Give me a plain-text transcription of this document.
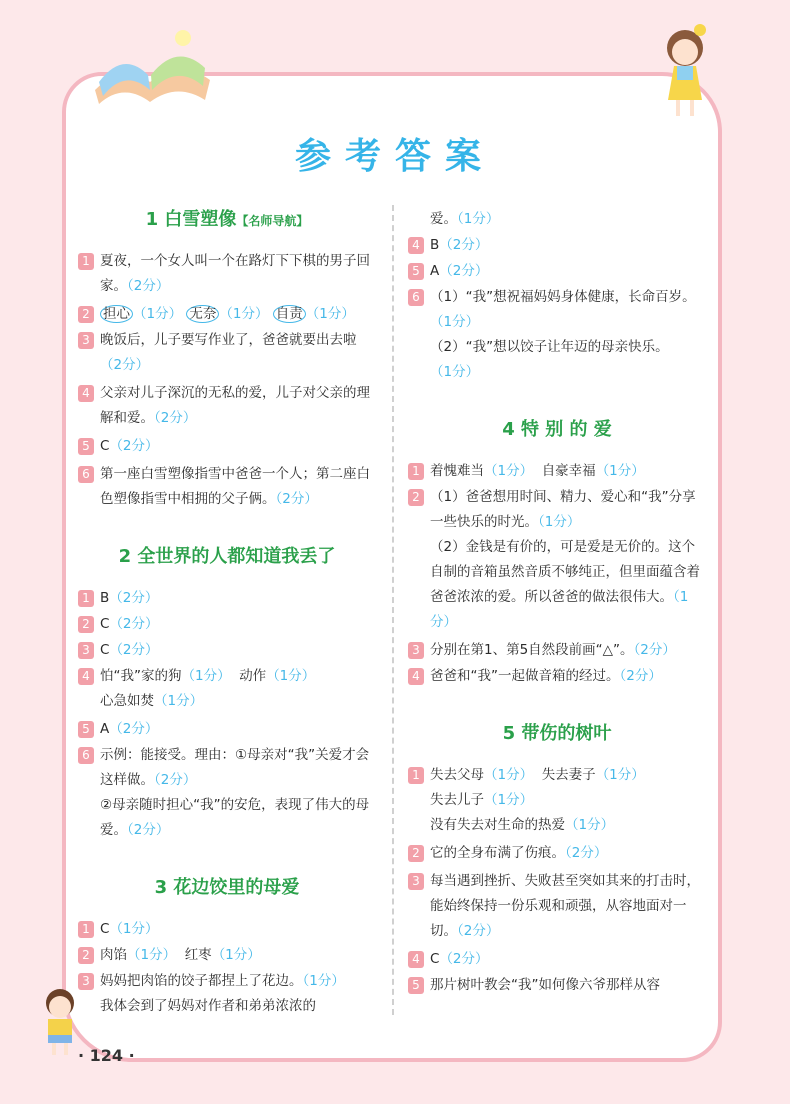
参考答案
1 白雪塑像【名师导航】
1 夏夜，一个女人叫一个在路灯下下棋的男子回家。（2分）
2 担心 （1分） 无奈 （1分） 自责 （1分）
3 晚饭后，儿子要写作业了，爸爸就要出去啦（2分）
4 父亲对儿子深沉的无私的爱，儿子对父亲的理解和爱。（2分）
5 C（2分）
6 第一座白雪塑像指雪中爸爸一个人；第二座白色塑像指雪中相拥的父子俩。（2分）
2 全世界的人都知道我丢了
1 B（2分）
2 C（2分）
3 C（2分）
4 怕“我”家的狗（1分） 动作（1分）
心急如焚（1分）
5 A（2分）
6 示例：能接受。理由：①母亲对“我”关爱才会这样做。（2分）
②母亲随时担心“我”的安危，表现了伟大的母爱。（2分）
3 花边饺里的母爱
1 C（1分）
2 肉馅（1分） 红枣（1分）
3 妈妈把肉馅的饺子都捏上了花边。（1分）
我体会到了妈妈对作者和弟弟浓浓的
爱。（1分）
4 B（2分）
5 A（2分）
6 （1）“我”想祝福妈妈身体健康，长命百岁。（1分）
（2）“我”想以饺子让年迈的母亲快乐。（1分）
4 特 别 的 爱
1 着愧难当（1分） 自豪幸福（1分）
2 （1）爸爸想用时间、精力、爱心和“我”分享一些快乐的时光。（1分）
（2）金钱是有价的，可是爱是无价的。这个自制的音箱虽然音质不够纯正，但里面蕴含着爸爸浓浓的爱。所以爸爸的做法很伟大。（1分）
3 分别在第1、第5自然段前画“△”。（2分）
4 爸爸和“我”一起做音箱的经过。（2分）
5 带伤的树叶
1 失去父母（1分） 失去妻子（1分）
失去儿子（1分）
没有失去对生命的热爱（1分）
2 它的全身布满了伤痕。（2分）
3 每当遇到挫折、失败甚至突如其来的打击时，能始终保持一份乐观和顽强，从容地面对一切。（2分）
4 C（2分）
5 那片树叶教会“我”如何像六爷那样从容
· 124 ·
